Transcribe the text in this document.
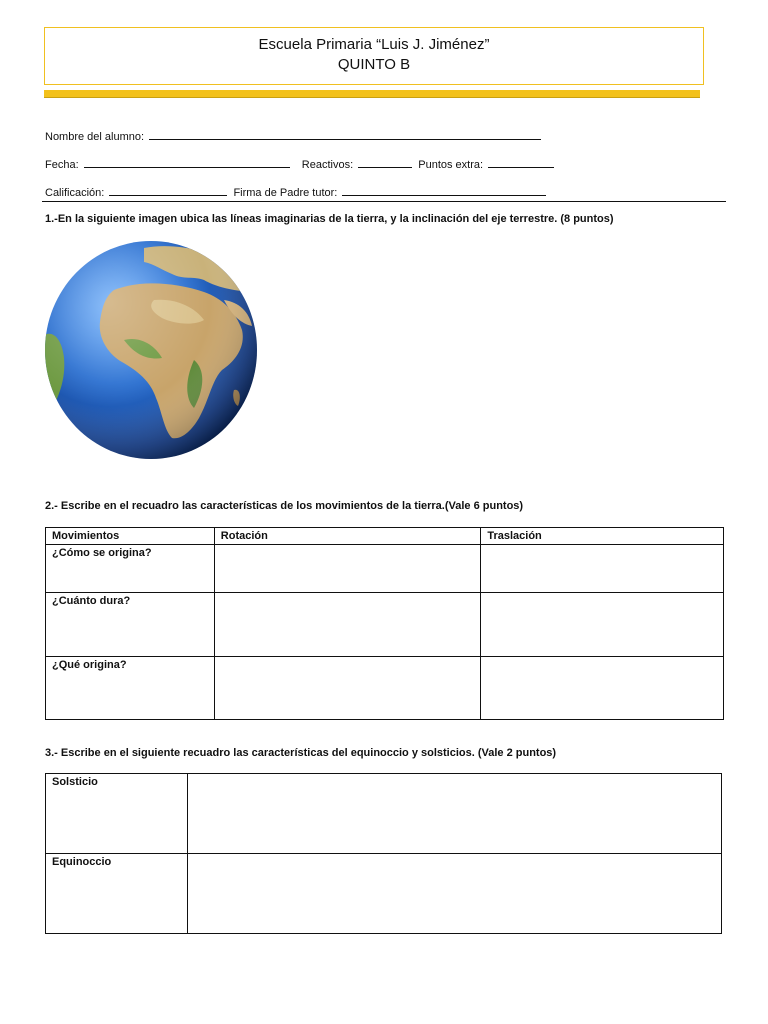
Escuela Primaria “Luis J. Jiménez”
QUINTO B
Nombre del alumno:
Fecha:	Reactivos:	Puntos extra:
Calificación:	Firma de Padre tutor:
1.-En la siguiente imagen ubica las líneas imaginarias de la tierra, y la inclinación del eje terrestre. (8 puntos)
2.- Escribe en el recuadro las características de los movimientos de la tierra.(Vale 6 puntos)
Movimientos	Rotación	Traslación
¿Cómo se origina?		
¿Cuánto dura?		
¿Qué origina?		
3.- Escribe en el siguiente recuadro las características del equinoccio y solsticios. (Vale 2 puntos)
Solsticio	
Equinoccio	
